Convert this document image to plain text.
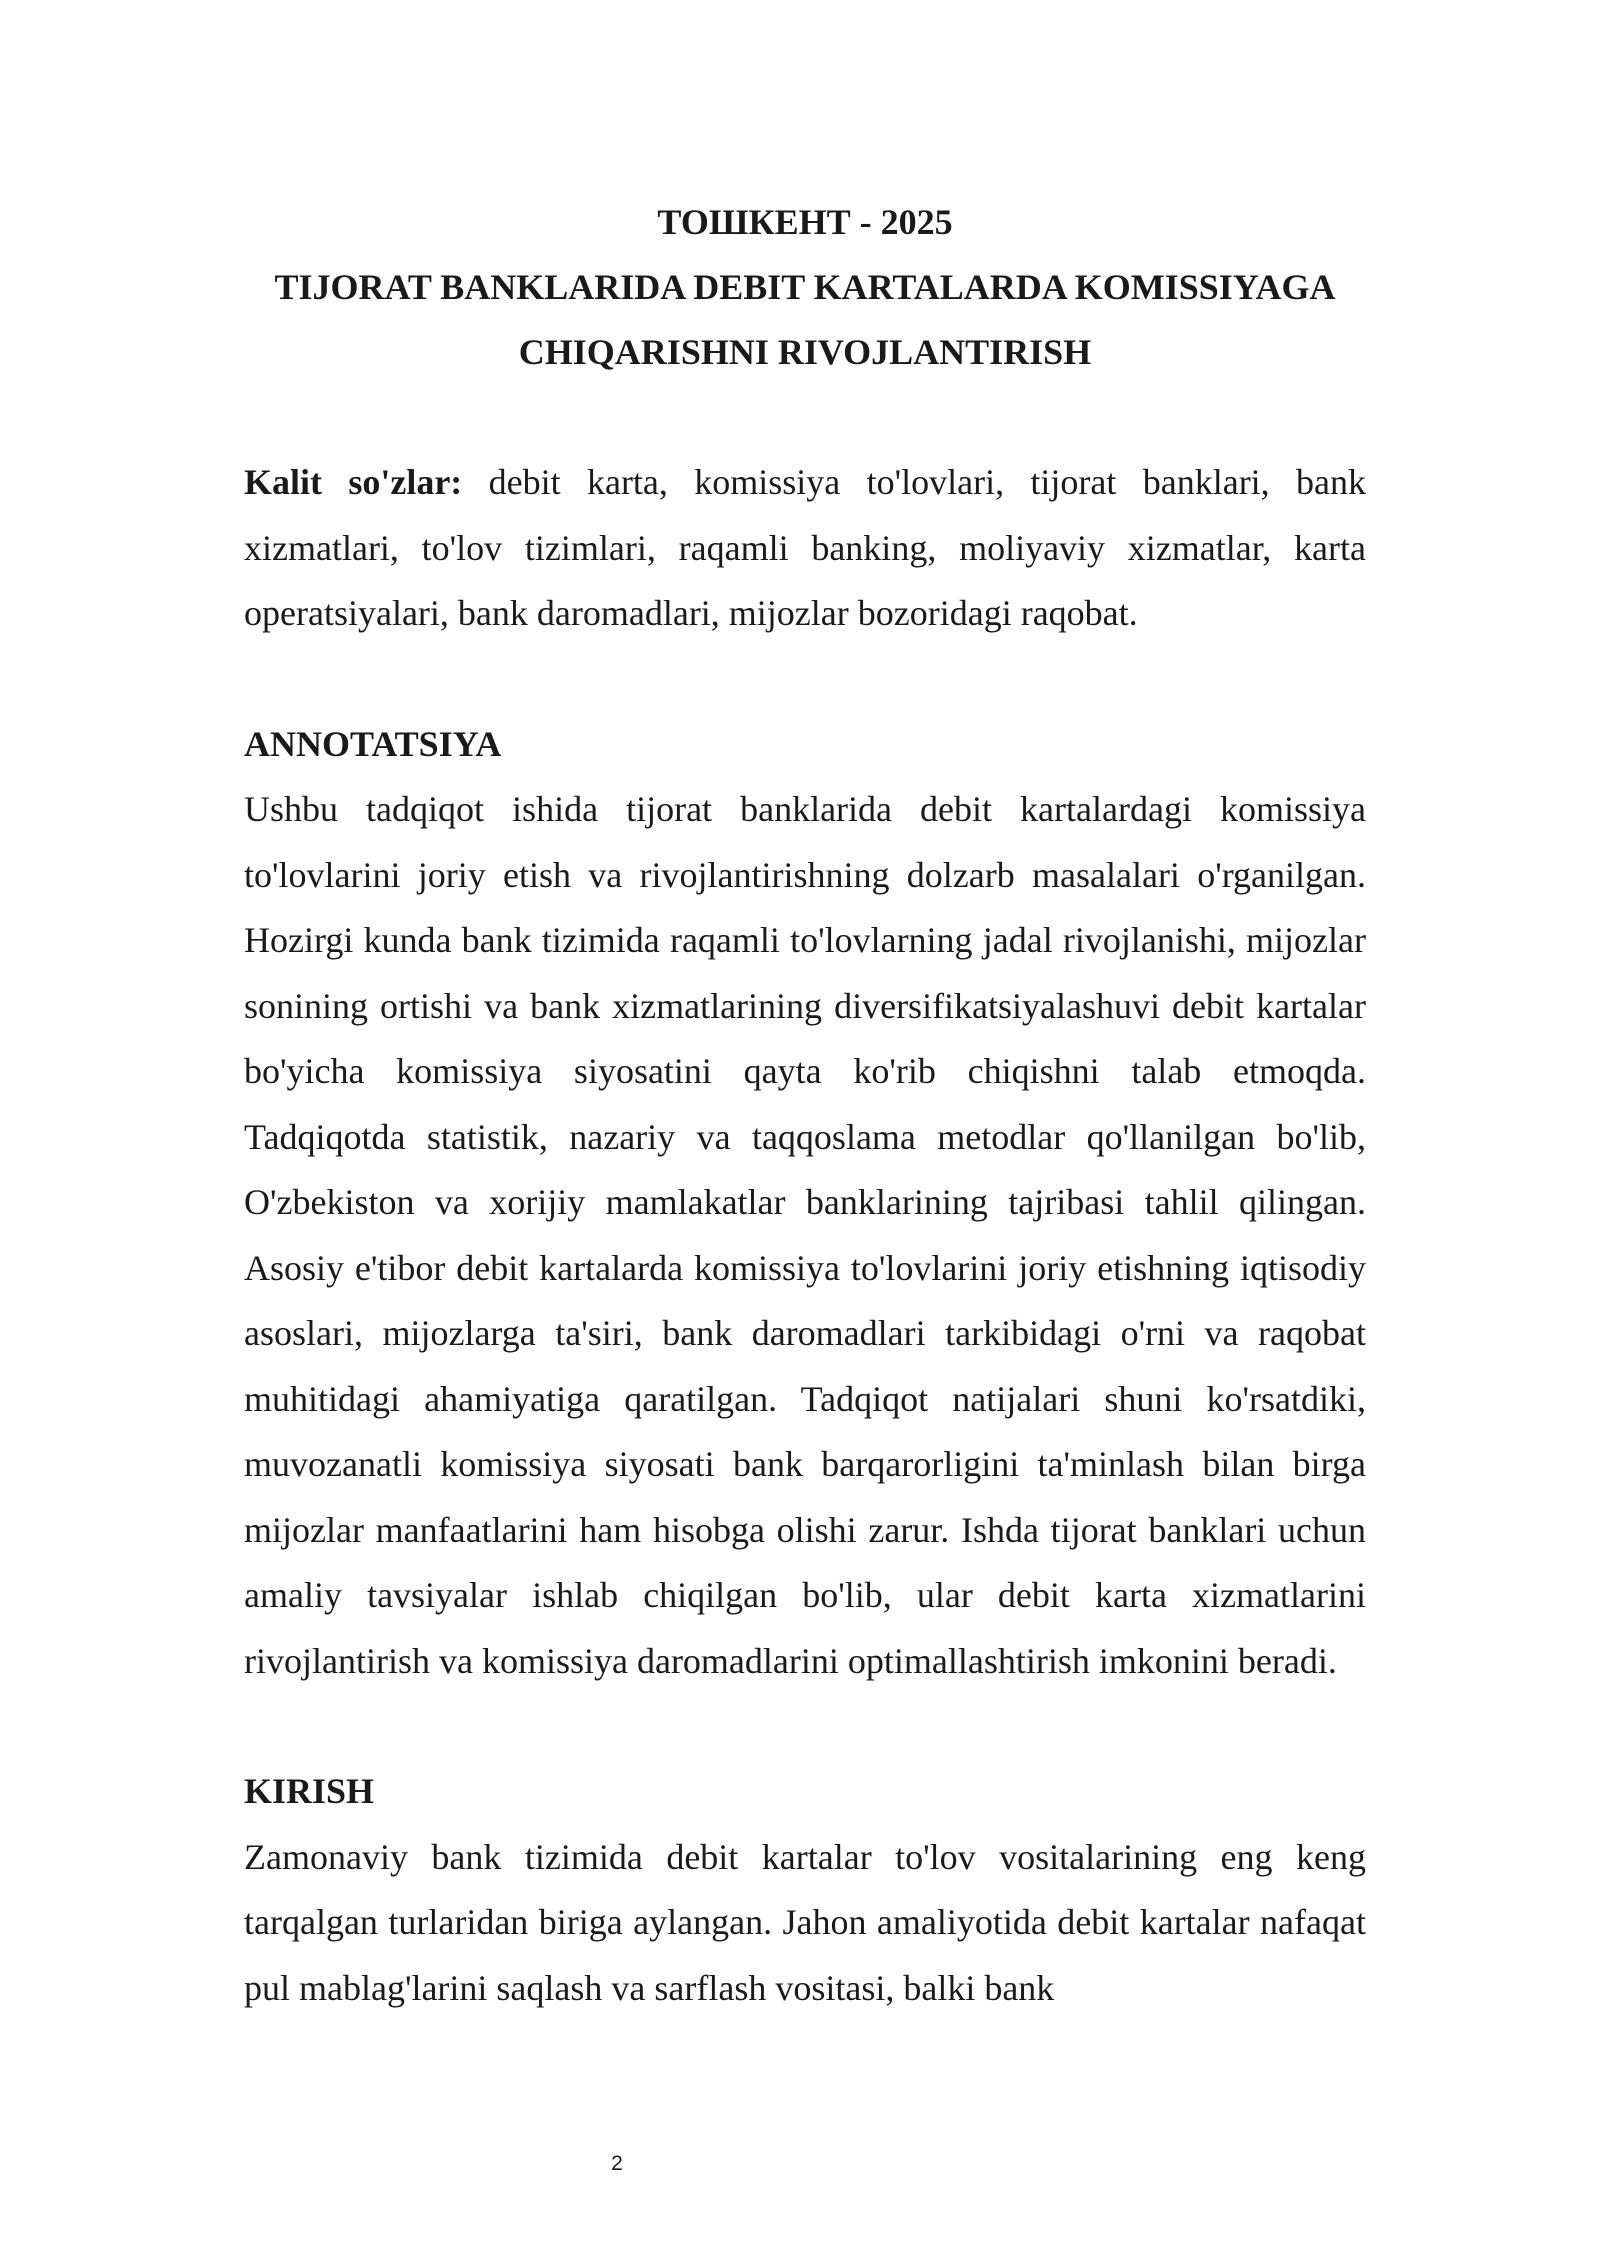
ТОШКЕНТ - 2025
TIJORAT BANKLARIDA DEBIT KARTALARDA KOMISSIYAGA
CHIQARISHNI RIVOJLANTIRISH

Kalit so'zlar: debit karta, komissiya to'lovlari, tijorat banklari, bank xizmatlari, to'lov tizimlari, raqamli banking, moliyaviy xizmatlar, karta operatsiyalari, bank daromadlari, mijozlar bozoridagi raqobat.

ANNOTATSIYA
Ushbu tadqiqot ishida tijorat banklarida debit kartalardagi komissiya to'lovlarini joriy etish va rivojlantirishning dolzarb masalalari o'rganilgan. Hozirgi kunda bank tizimida raqamli to'lovlarning jadal rivojlanishi, mijozlar sonining ortishi va bank xizmatlarining diversifikatsiyalashuvi debit kartalar bo'yicha komissiya siyosatini qayta ko'rib chiqishni talab etmoqda. Tadqiqotda statistik, nazariy va taqqoslama metodlar qo'llanilgan bo'lib, O'zbekiston va xorijiy mamlakatlar banklarining tajribasi tahlil qilingan. Asosiy e'tibor debit kartalarda komissiya to'lovlarini joriy etishning iqtisodiy asoslari, mijozlarga ta'siri, bank daromadlari tarkibidagi o'rni va raqobat muhitidagi ahamiyatiga qaratilgan. Tadqiqot natijalari shuni ko'rsatdiki, muvozanatli komissiya siyosati bank barqarorligini ta'minlash bilan birga mijozlar manfaatlarini ham hisobga olishi zarur. Ishda tijorat banklari uchun amaliy tavsiyalar ishlab chiqilgan bo'lib, ular debit karta xizmatlarini rivojlantirish va komissiya daromadlarini optimallashtirish imkonini beradi.
KIRISH
Zamonaviy bank tizimida debit kartalar to'lov vositalarining eng keng tarqalgan turlaridan biriga aylangan. Jahon amaliyotida debit kartalar nafaqat pul mablag'larini saqlash va sarflash vositasi, balki bank
2
